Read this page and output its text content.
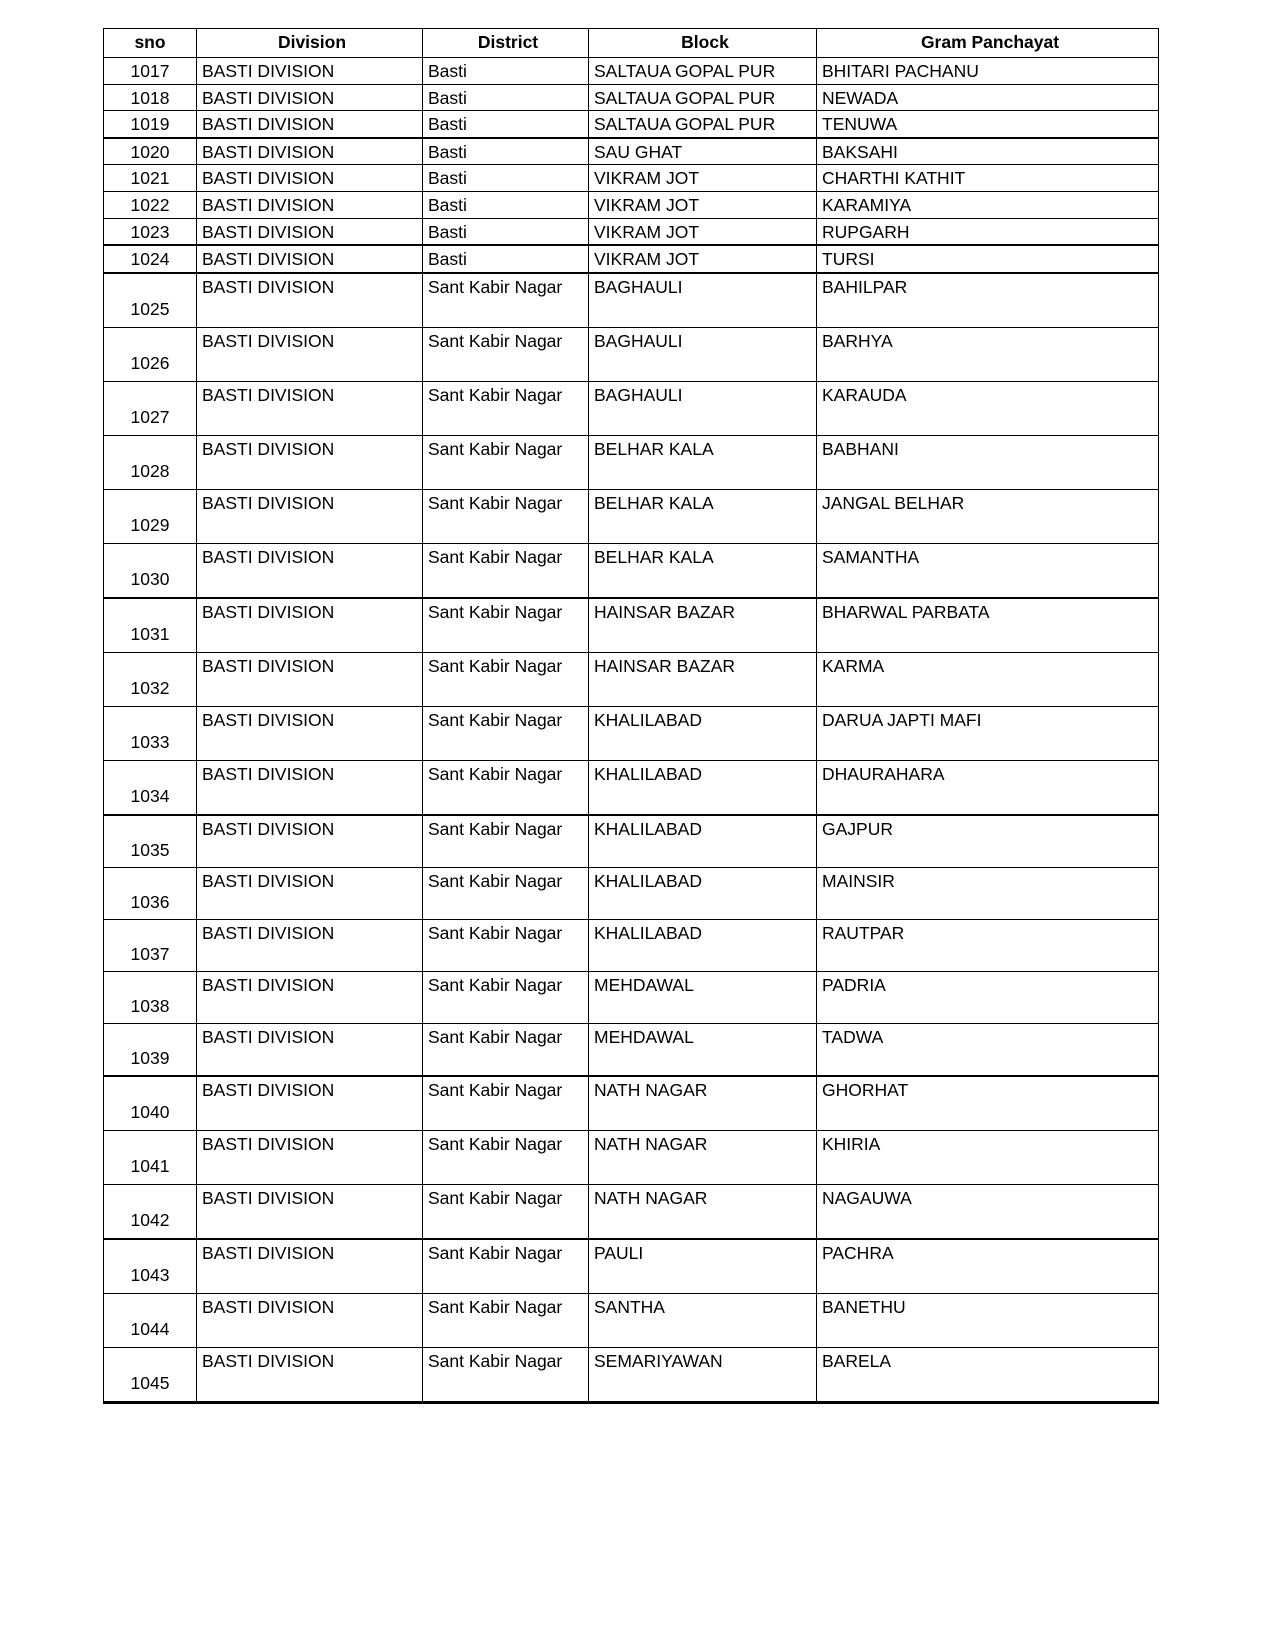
sno	Division	District	Block	Gram Panchayat

1017	BASTI DIVISION	Basti	SALTAUA GOPAL PUR	BHITARI PACHANU

1018	BASTI DIVISION	Basti	SALTAUA GOPAL PUR	NEWADA

1019	BASTI DIVISION	Basti	SALTAUA GOPAL PUR	TENUWA

1020	BASTI DIVISION	Basti	SAU GHAT	BAKSAHI

1021	BASTI DIVISION	Basti	VIKRAM JOT	CHARTHI KATHIT

1022	BASTI DIVISION	Basti	VIKRAM JOT	KARAMIYA

1023	BASTI DIVISION	Basti	VIKRAM JOT	RUPGARH

1024	BASTI DIVISION	Basti	VIKRAM JOT	TURSI

1025	BASTI DIVISION	Sant Kabir Nagar	BAGHAULI	BAHILPAR

1026	BASTI DIVISION	Sant Kabir Nagar	BAGHAULI	BARHYA

1027	BASTI DIVISION	Sant Kabir Nagar	BAGHAULI	KARAUDA

1028	BASTI DIVISION	Sant Kabir Nagar	BELHAR KALA	BABHANI

1029	BASTI DIVISION	Sant Kabir Nagar	BELHAR KALA	JANGAL BELHAR

1030	BASTI DIVISION	Sant Kabir Nagar	BELHAR KALA	SAMANTHA

1031	BASTI DIVISION	Sant Kabir Nagar	HAINSAR BAZAR	BHARWAL PARBATA

1032	BASTI DIVISION	Sant Kabir Nagar	HAINSAR BAZAR	KARMA

1033	BASTI DIVISION	Sant Kabir Nagar	KHALILABAD	DARUA JAPTI MAFI

1034	BASTI DIVISION	Sant Kabir Nagar	KHALILABAD	DHAURAHARA

1035	BASTI DIVISION	Sant Kabir Nagar	KHALILABAD	GAJPUR

1036	BASTI DIVISION	Sant Kabir Nagar	KHALILABAD	MAINSIR

1037	BASTI DIVISION	Sant Kabir Nagar	KHALILABAD	RAUTPAR

1038	BASTI DIVISION	Sant Kabir Nagar	MEHDAWAL	PADRIA

1039	BASTI DIVISION	Sant Kabir Nagar	MEHDAWAL	TADWA

1040	BASTI DIVISION	Sant Kabir Nagar	NATH NAGAR	GHORHAT

1041	BASTI DIVISION	Sant Kabir Nagar	NATH NAGAR	KHIRIA

1042	BASTI DIVISION	Sant Kabir Nagar	NATH NAGAR	NAGAUWA

1043	BASTI DIVISION	Sant Kabir Nagar	PAULI	PACHRA

1044	BASTI DIVISION	Sant Kabir Nagar	SANTHA	BANETHU

1045	BASTI DIVISION	Sant Kabir Nagar	SEMARIYAWAN	BARELA
